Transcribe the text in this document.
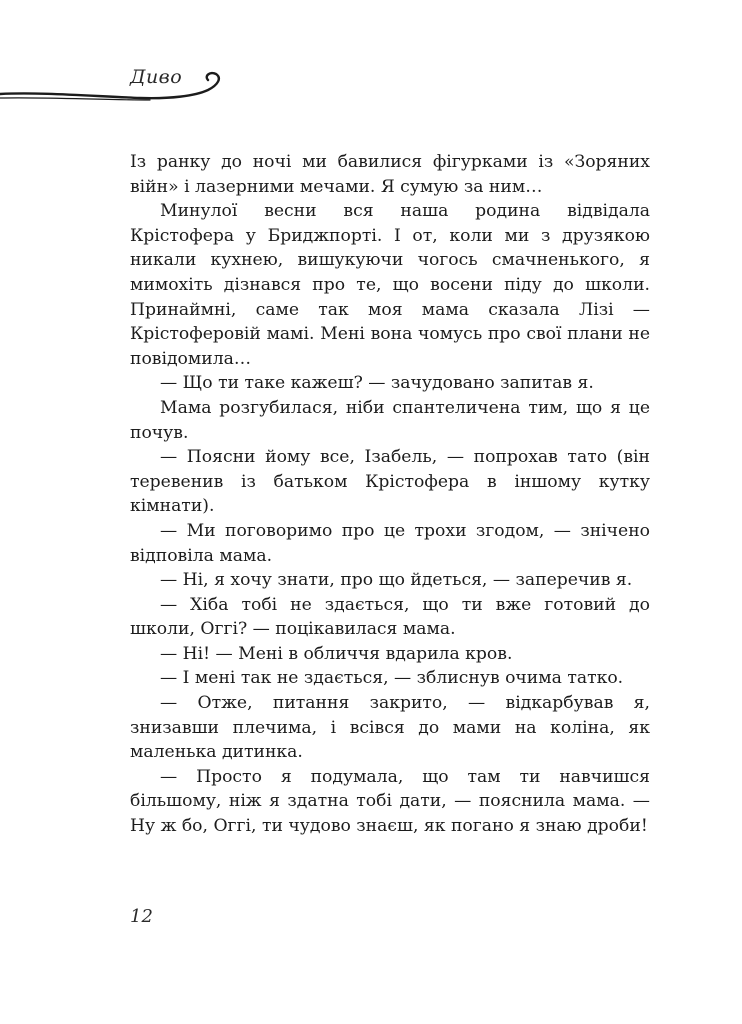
Диво

Із ранку до ночі ми бавилися фігурками із «Зоряних війн» і лазерними мечами. Я сумую за ним…

Минулої весни вся наша родина відвідала Крістофера у Бриджпорті. І от, коли ми з друзякою никали кухнею, вишукуючи чогось смачненького, я мимохіть дізнався про те, що восени піду до школи. Принаймні, саме так моя мама сказала Лізі — Крістоферовій мамі. Мені вона чомусь про свої плани не повідомила…

— Що ти таке кажеш? — зачудовано запитав я.

Мама розгубилася, ніби спантеличена тим, що я це почув.

— Поясни йому все, Ізабель, — попрохав тато (він теревенив із батьком Крістофера в іншому кутку кімнати).

— Ми поговоримо про це трохи згодом, — знічено відповіла мама.

— Ні, я хочу знати, про що йдеться, — заперечив я.

— Хіба тобі не здається, що ти вже готовий до школи, Оггі? — поцікавилася мама.

— Ні! — Мені в обличчя вдарила кров.

— І мені так не здається, — зблиснув очима татко.

— Отже, питання закрито, — відкарбував я, знизавши плечима, і всівся до мами на коліна, як маленька дитинка.

— Просто я подумала, що там ти навчишся більшому, ніж я здатна тобі дати, — пояснила мама. — Ну ж бо, Оггі, ти чудово знаєш, як погано я знаю дроби!

12
